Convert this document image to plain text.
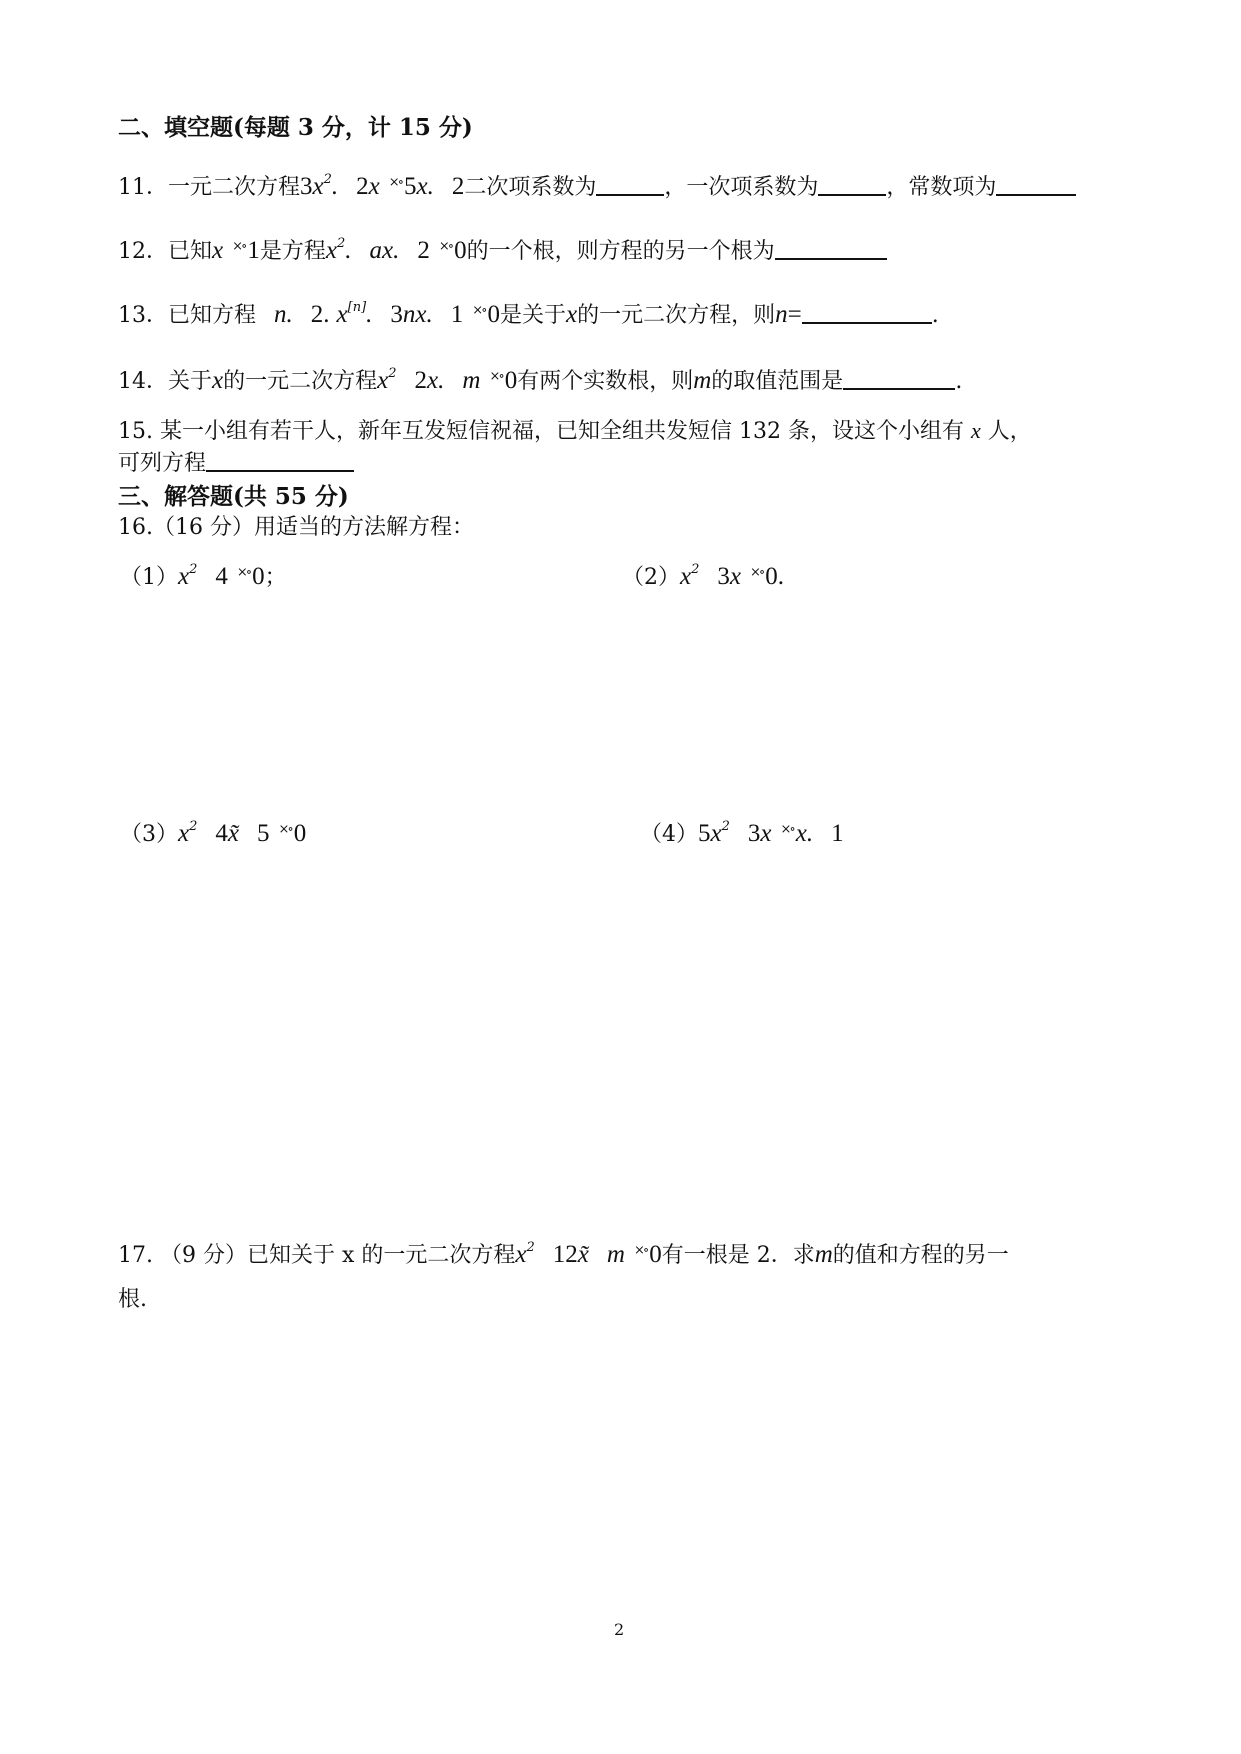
二、填空题(每题 3 分，计 15 分)
11．一元二次方程$3x^2$. 2x ×∘5x. 2二次项系数为	，一次项系数为	，常数项为
12．已知x ×∘1是方程$x^2$. ax. 2 ×∘0的一个根，则方程的另一个根为
13．已知方程 n. 2. x[n]. 3nx. 1 ×∘0是关于x的一元二次方程，则n=	.
14．关于x的一元二次方程$x^2$ 2x. m ×∘0有两个实数根，则m的取值范围是	.
15. 某一小组有若干人，新年互发短信祝福，已知全组共发短信 132 条，设这个小组有 x 人，
可列方程
三、解答题(共 55 分)
16.（16 分）用适当的方法解方程：
$(1)x^2$ 4 ×∘0；	$(2)x^2$ 3x ×∘0.
$(3)x^2$ 4x̃ 5 ×∘0	$(4)5x^2$ 3x ×∘x. 1
17. （9 分）已知关于 x 的一元二次方程$x^2$ 12x̃ m ×∘0有一根是 2．求m的值和方程的另一
根.
2
